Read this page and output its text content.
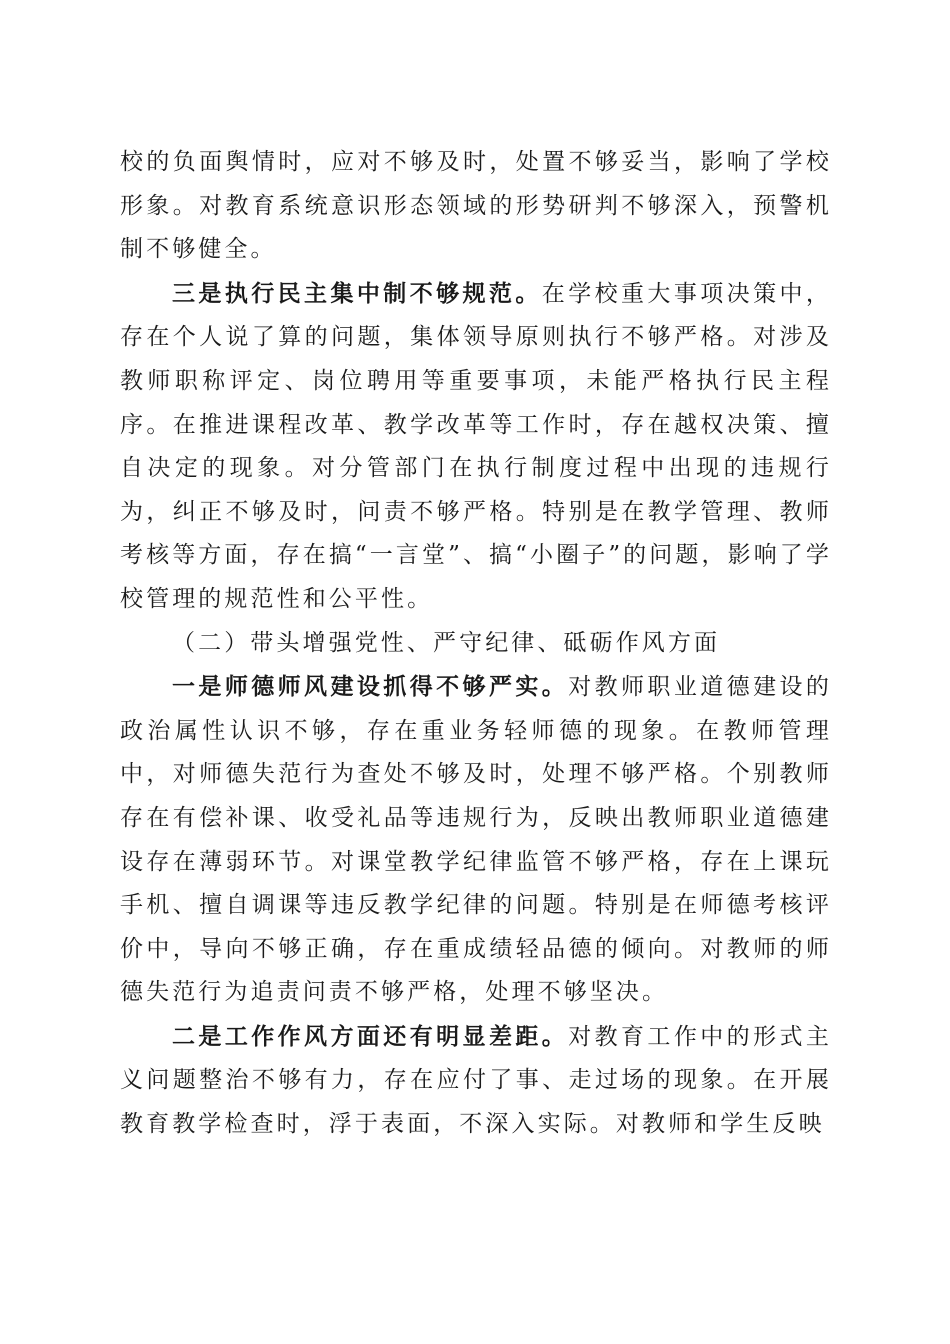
校的负面舆情时，应对不够及时，处置不够妥当，影响了学校形象。对教育系统意识形态领域的形势研判不够深入，预警机制不够健全。

三是执行民主集中制不够规范。在学校重大事项决策中，存在个人说了算的问题，集体领导原则执行不够严格。对涉及教师职称评定、岗位聘用等重要事项，未能严格执行民主程序。在推进课程改革、教学改革等工作时，存在越权决策、擅自决定的现象。对分管部门在执行制度过程中出现的违规行为，纠正不够及时，问责不够严格。特别是在教学管理、教师考核等方面，存在搞“一言堂”、搞“小圈子”的问题，影响了学校管理的规范性和公平性。

（二）带头增强党性、严守纪律、砥砺作风方面

一是师德师风建设抓得不够严实。对教师职业道德建设的政治属性认识不够，存在重业务轻师德的现象。在教师管理中，对师德失范行为查处不够及时，处理不够严格。个别教师存在有偿补课、收受礼品等违规行为，反映出教师职业道德建设存在薄弱环节。对课堂教学纪律监管不够严格，存在上课玩手机、擅自调课等违反教学纪律的问题。特别是在师德考核评价中，导向不够正确，存在重成绩轻品德的倾向。对教师的师德失范行为追责问责不够严格，处理不够坚决。

二是工作作风方面还有明显差距。对教育工作中的形式主义问题整治不够有力，存在应付了事、走过场的现象。在开展教育教学检查时，浮于表面，不深入实际。对教师和学生反映
